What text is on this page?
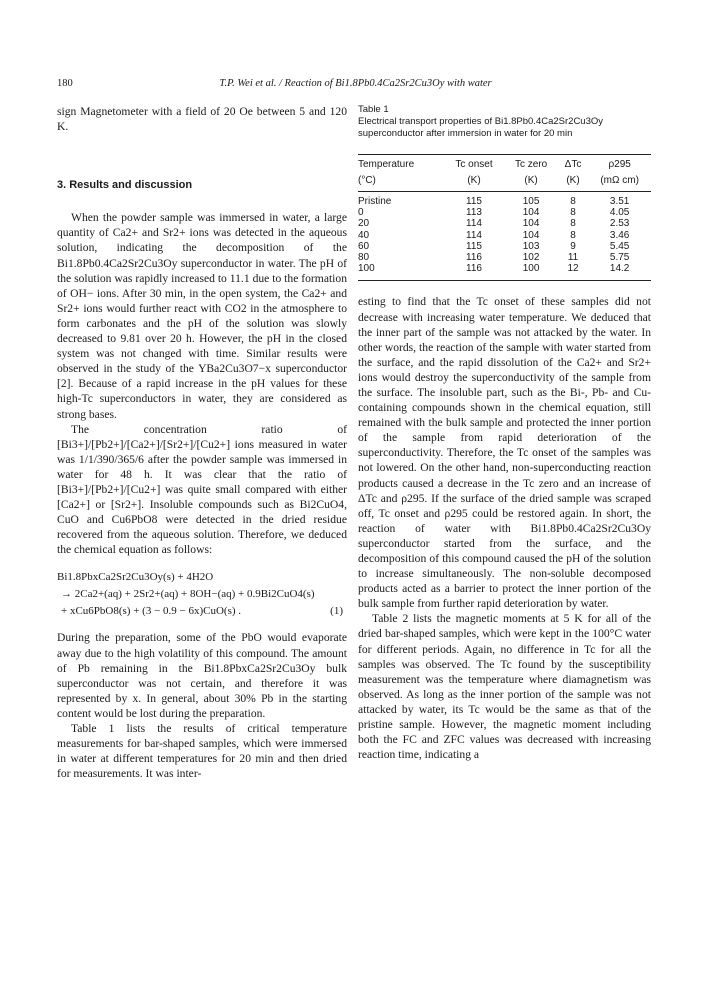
180	T.P. Wei et al. / Reaction of Bi1.8Pb0.4Ca2Sr2Cu3Oy with water

sign Magnetometer with a field of 20 Oe between 5 and 120 K.

3. Results and discussion

When the powder sample was immersed in water, a large quantity of Ca2+ and Sr2+ ions was detected in the aqueous solution, indicating the decomposition of the Bi1.8Pb0.4Ca2Sr2Cu3Oy superconductor in water. The pH of the solution was rapidly increased to 11.1 due to the formation of OH− ions. After 30 min, in the open system, the Ca2+ and Sr2+ ions would further react with CO2 in the atmosphere to form carbonates and the pH of the solution was slowly decreased to 9.81 over 20 h. However, the pH in the closed system was not changed with time. Similar results were observed in the study of the YBa2Cu3O7−x superconductor [2]. Because of a rapid increase in the pH values for these high-Tc superconductors in water, they are considered as strong bases.

The concentration ratio of [Bi3+]/[Pb2+]/[Ca2+]/[Sr2+]/[Cu2+] ions measured in water was 1/1/390/365/6 after the powder sample was immersed in water for 48 h. It was clear that the ratio of [Bi3+]/[Pb2+]/[Cu2+] was quite small compared with either [Ca2+] or [Sr2+]. Insoluble compounds such as Bi2CuO4, CuO and Cu6PbO8 were detected in the dried residue recovered from the aqueous solution. Therefore, we deduced the chemical equation as follows:

Bi1.8PbxCa2Sr2Cu3Oy(s) + 4H2O
→ 2Ca2+(aq) + 2Sr2+(aq) + 8OH−(aq) + 0.9Bi2CuO4(s)
+ xCu6PbO8(s) + (3 − 0.9 − 6x)CuO(s) .	(1)

During the preparation, some of the PbO would evaporate away due to the high volatility of this compound. The amount of Pb remaining in the Bi1.8PbxCa2Sr2Cu3Oy bulk superconductor was not certain, and therefore it was represented by x. In general, about 30% Pb in the starting content would be lost during the preparation.

Table 1 lists the results of critical temperature measurements for bar-shaped samples, which were immersed in water at different temperatures for 20 min and then dried for measurements. It was inter-

Table 1
Electrical transport properties of Bi1.8Pb0.4Ca2Sr2Cu3Oy superconductor after immersion in water for 20 min
Temperature	Tc onset	Tc zero	ΔTc	ρ295
(°C)	(K)	(K)	(K)	(mΩ cm)
Pristine	115	105	8	3.51
0	113	104	8	4.05
20	114	104	8	2.53
40	114	104	8	3.46
60	115	103	9	5.45
80	116	102	11	5.75
100	116	100	12	14.2

esting to find that the Tc onset of these samples did not decrease with increasing water temperature. We deduced that the inner part of the sample was not attacked by the water. In other words, the reaction of the sample with water started from the surface, and the rapid dissolution of the Ca2+ and Sr2+ ions would destroy the superconductivity of the sample from the surface. The insoluble part, such as the Bi-, Pb- and Cu-containing compounds shown in the chemical equation, still remained with the bulk sample and protected the inner portion of the sample from rapid deterioration of the superconductivity. Therefore, the Tc onset of the samples was not lowered. On the other hand, non-superconducting reaction products caused a decrease in the Tc zero and an increase of ΔTc and ρ295. If the surface of the dried sample was scraped off, Tc onset and ρ295 could be restored again. In short, the reaction of water with Bi1.8Pb0.4Ca2Sr2Cu3Oy superconductor started from the surface, and the decomposition of this compound caused the pH of the solution to increase simultaneously. The non-soluble decomposed products acted as a barrier to protect the inner portion of the bulk sample from further rapid deterioration by water.

Table 2 lists the magnetic moments at 5 K for all of the dried bar-shaped samples, which were kept in the 100°C water for different periods. Again, no difference in Tc for all the samples was observed. The Tc found by the susceptibility measurement was the temperature where diamagnetism was observed. As long as the inner portion of the sample was not attacked by water, its Tc would be the same as that of the pristine sample. However, the magnetic moment including both the FC and ZFC values was decreased with increasing reaction time, indicating a
